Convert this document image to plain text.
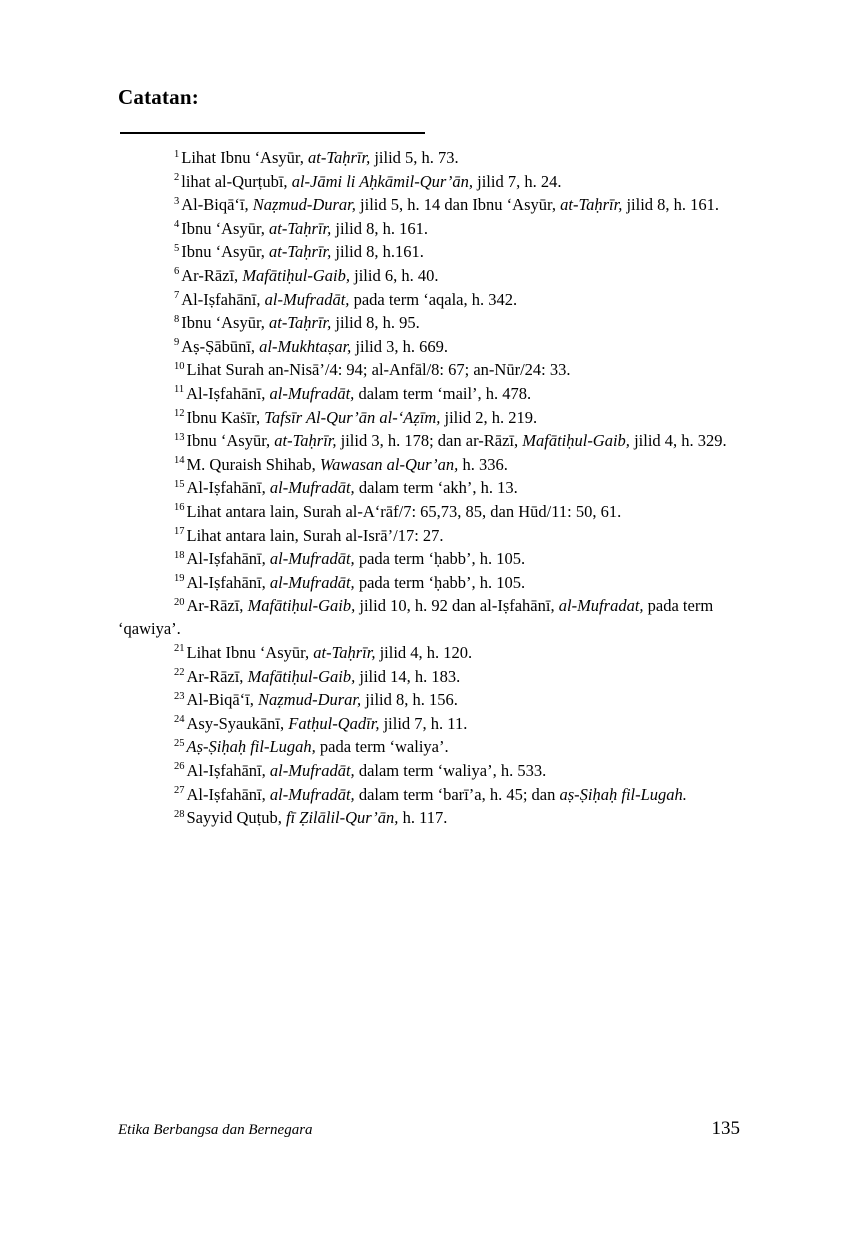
Catatan:

$^1$ Lihat Ibnu ‘Asyūr, at-Taḥrīr, jilid 5, h. 73.

$^2$ lihat al-Qurṭubī, al-Jāmi li Aḥkāmil-Qur’ān, jilid 7, h. 24.

$^3$ Al-Biqā‘ī, Naẓmud-Durar, jilid 5, h. 14 dan Ibnu ‘Asyūr, at-Taḥrīr, jilid 8, h. 161.

$^4$ Ibnu ‘Asyūr, at-Taḥrīr, jilid 8, h. 161.

$^5$ Ibnu ‘Asyūr, at-Taḥrīr, jilid 8, h.161.

$^6$ Ar-Rāzī, Mafātiḥul-Gaib, jilid 6, h. 40.

$^7$ Al-Iṣfahānī, al-Mufradāt, pada term ‘aqala, h. 342.

$^8$ Ibnu ‘Asyūr, at-Taḥrīr, jilid 8, h. 95.

$^9$ Aṣ-Ṣābūnī, al-Mukhtaṣar, jilid 3, h. 669.

$^{10}$ Lihat Surah an-Nisā’/4: 94; al-Anfāl/8: 67; an-Nūr/24: 33.

$^{11}$ Al-Iṣfahānī, al-Mufradāt, dalam term ‘mail’, h. 478.

$^{12}$ Ibnu Kaṡīr, Tafsīr Al-Qur’ān al-‘Aẓīm, jilid 2, h. 219.

$^{13}$ Ibnu ‘Asyūr, at-Taḥrīr, jilid 3, h. 178; dan ar-Rāzī, Mafātiḥul-Gaib, jilid 4, h. 329.

$^{14}$ M. Quraish Shihab, Wawasan al-Qur’an, h. 336.

$^{15}$ Al-Iṣfahānī, al-Mufradāt, dalam term ‘akh’, h. 13.

$^{16}$ Lihat antara lain, Surah al-A‘rāf/7: 65,73, 85, dan Hūd/11: 50, 61.

$^{17}$ Lihat antara lain, Surah al-Isrā’/17: 27.

$^{18}$ Al-Iṣfahānī, al-Mufradāt, pada term ‘ḥabb’, h. 105.

$^{19}$ Al-Iṣfahānī, al-Mufradāt, pada term ‘ḥabb’, h. 105.

$^{20}$ Ar-Rāzī, Mafātiḥul-Gaib, jilid 10, h. 92 dan al-Iṣfahānī, al-Mufradat, pada term ‘qawiya’.

$^{21}$ Lihat Ibnu ‘Asyūr, at-Taḥrīr, jilid 4, h. 120.

$^{22}$ Ar-Rāzī, Mafātiḥul-Gaib, jilid 14, h. 183.

$^{23}$ Al-Biqā‘ī, Naẓmud-Durar, jilid 8, h. 156.

$^{24}$ Asy-Syaukānī, Fatḥul-Qadīr, jilid 7, h. 11.

$^{25}$ Aṣ-Ṣiḥaḥ fil-Lugah, pada term ‘waliya’.

$^{26}$ Al-Iṣfahānī, al-Mufradāt, dalam term ‘waliya’, h. 533.

$^{27}$ Al-Iṣfahānī, al-Mufradāt, dalam term ‘barī’a, h. 45; dan aṣ-Ṣiḥaḥ fil-Lugah.

$^{28}$ Sayyid Quṭub, fī Ẓilālil-Qur’ān, h. 117.

Etika Berbangsa dan Bernegara	135
